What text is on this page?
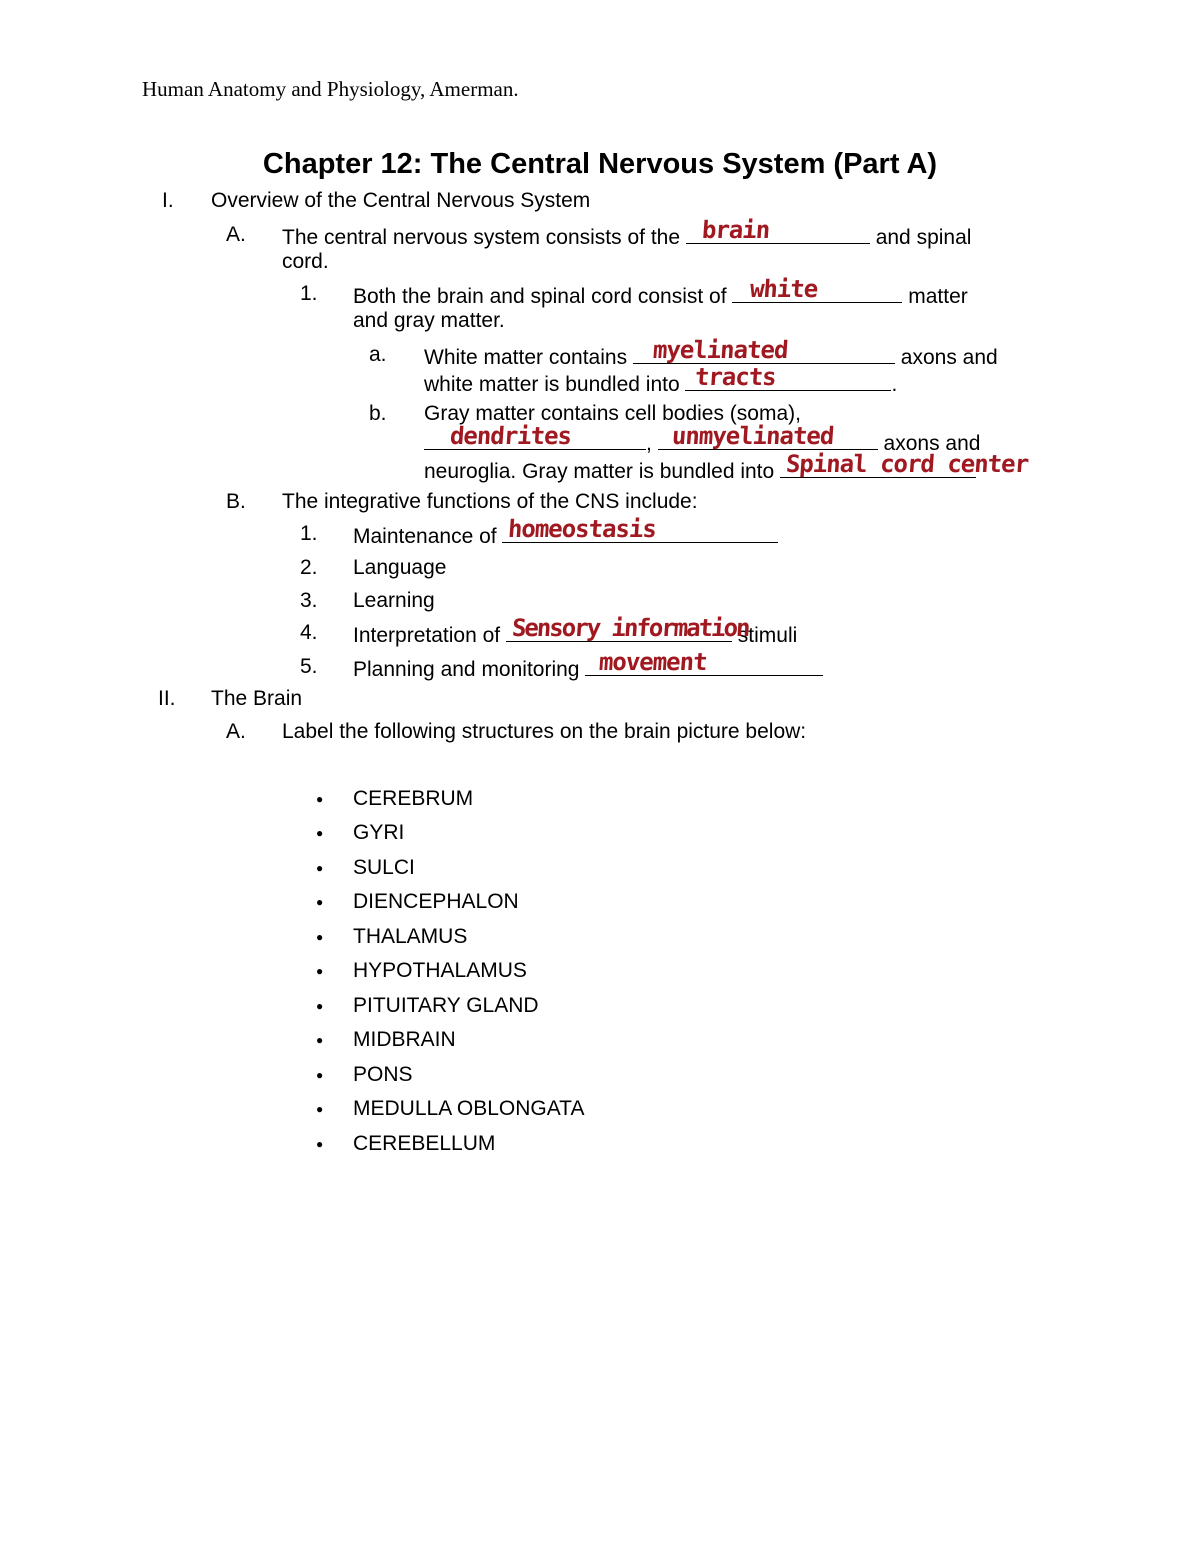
Human Anatomy and Physiology, Amerman.
Chapter 12: The Central Nervous System (Part A)
I. Overview of the Central Nervous System
A. The central nervous system consists of the brain	and spinal
cord.
1. Both the brain and spinal cord consist of white	matter
and gray matter.
a. White matter contains myelinated	axons and
white matter is bundled into tracts	.
b. Gray matter contains cell bodies (soma),
dendrites	, unmyelinated axons and
neuroglia. Gray matter is bundled into Spinal cord center
B. The integrative functions of the CNS include:
1. Maintenance of homeostasis
2. Language
3. Learning
4. Interpretation of Sensory information
stimuli
5. Planning and monitoring movement
II. The Brain
A. Label the following structures on the brain picture below:
● CEREBRUM
● GYRI
● SULCI
● DIENCEPHALON
● THALAMUS
● HYPOTHALAMUS
● PITUITARY GLAND
● MIDBRAIN
● PONS
● MEDULLA OBLONGATA
● CEREBELLUM
